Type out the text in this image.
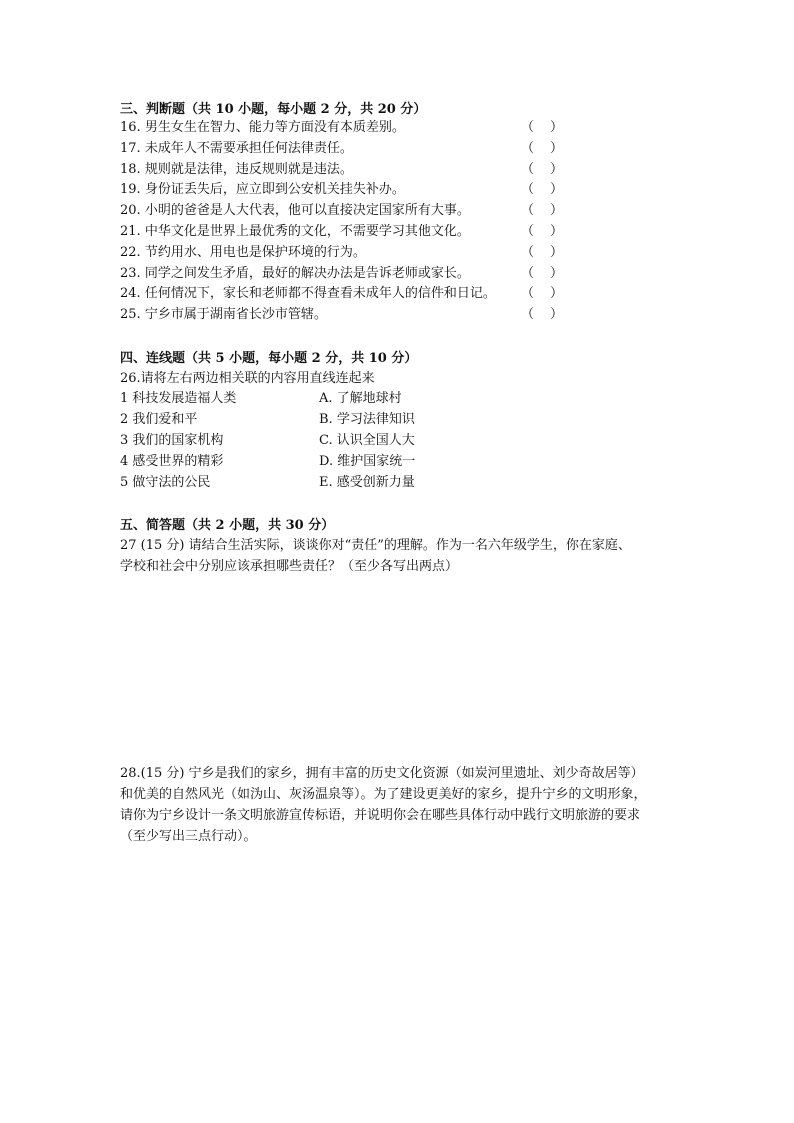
三、判断题（共 10 小题，每小题 2 分，共 20 分）
16. 男生女生在智力、能力等方面没有本质差别。	（ ）
17. 未成年人不需要承担任何法律责任。	（ ）
18. 规则就是法律，违反规则就是违法。	（ ）
19. 身份证丢失后，应立即到公安机关挂失补办。	（ ）
20. 小明的爸爸是人大代表，他可以直接决定国家所有大事。	（ ）
21. 中华文化是世界上最优秀的文化，不需要学习其他文化。	（ ）
22. 节约用水、用电也是保护环境的行为。	（ ）
23. 同学之间发生矛盾，最好的解决办法是告诉老师或家长。	（ ）
24. 任何情况下，家长和老师都不得查看未成年人的信件和日记。 （ ）
25. 宁乡市属于湖南省长沙市管辖。	（ ）
四、连线题（共 5 小题，每小题 2 分，共 10 分）
26.请将左右两边相关联的内容用直线连起来
1 科技发展造福人类	A. 了解地球村
2 我们爱和平	B. 学习法律知识
3 我们的国家机构	C. 认识全国人大
4 感受世界的精彩	D. 维护国家统一
5 做守法的公民	E. 感受创新力量
五、简答题（共 2 小题，共 30 分）
27 (15 分) 请结合生活实际，谈谈你对“责任”的理解。作为一名六年级学生，你在家庭、
学校和社会中分别应该承担哪些责任？（至少各写出两点）
28.(15 分) 宁乡是我们的家乡，拥有丰富的历史文化资源（如炭河里遗址、刘少奇故居等）
和优美的自然风光（如沩山、灰汤温泉等）。为了建设更美好的家乡，提升宁乡的文明形象，
请你为宁乡设计一条文明旅游宣传标语，并说明你会在哪些具体行动中践行文明旅游的要求
（至少写出三点行动）。
